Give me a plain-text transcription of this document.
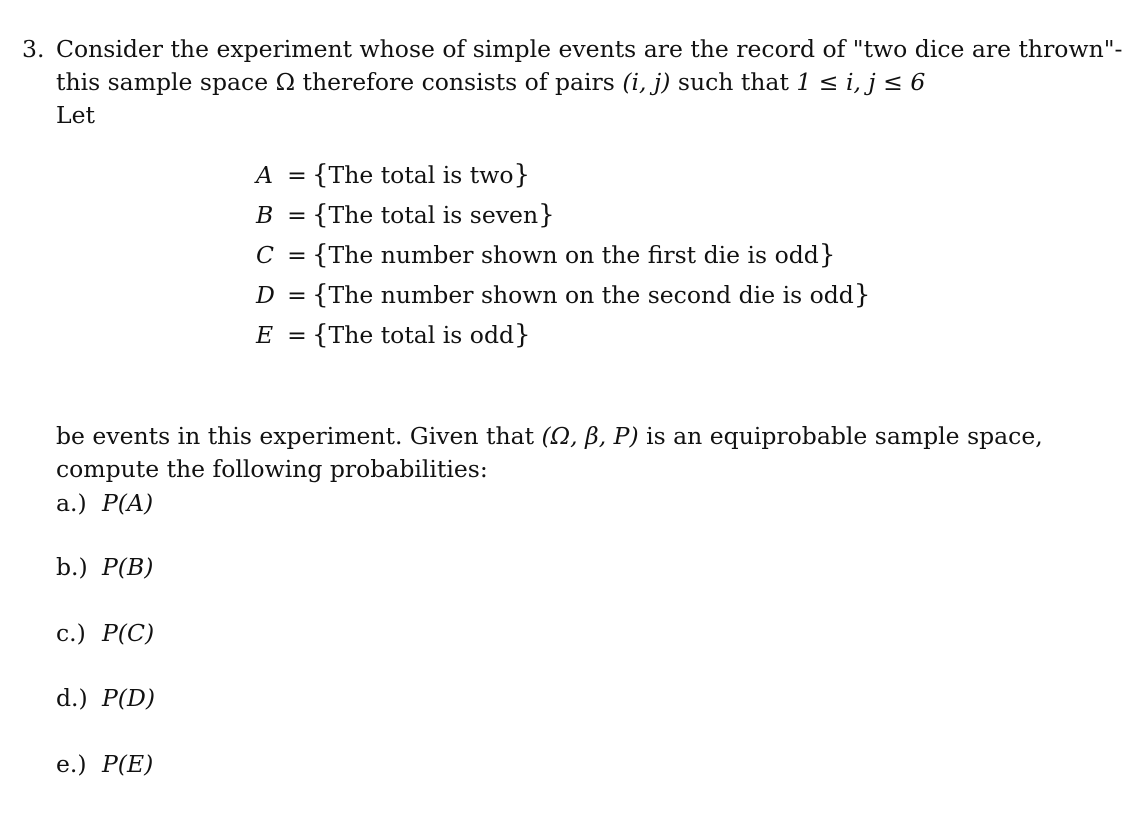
3. Consider the experiment whose of simple events are the record of "two dice are thrown"-
this sample space Ω therefore consists of pairs (i, j) such that 1 ≤ i, j ≤ 6
Let
A = {The total is two}
B = {The total is seven}
C = {The number shown on the first die is odd}
D = {The number shown on the second die is odd}
E = {The total is odd}
be events in this experiment. Given that (Ω, β, P) is an equiprobable sample space,
compute the following probabilities:
a.) P(A)
b.) P(B)
c.) P(C)
d.) P(D)
e.) P(E)
